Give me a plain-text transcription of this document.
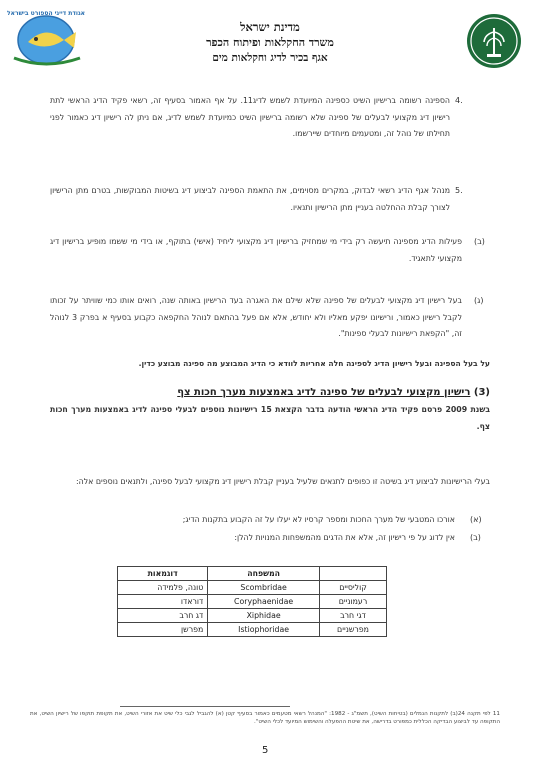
אגודת דייגי הספורט בישראל
מדינת ישראל
משרד החקלאות ופיתוח הכפר
אגף בכיר לדיג וחקלאות מים
.4
הספינה רשומה ברישיון השיט כספינה המיועדת לשמש לדיג11. על אף האמור בסעיף זה, רשאי פקיד הדיג הראשי לתת רישיון דיג מקצועי לבעלים של ספינה שלא רשומה ברישיון השיט כמיועדת לשמש לדיג, אם ניתן לה רישיון דיג כאמור לפני תחילתו של נוהל זה, ומטעמים מיוחדים שיירשמו.
.5
מנהל אגף הדיג רשאי לבדוק, במקרים מסוימים, את התאמת הספינה לביצוע דיג בשיטות המבוקשות, בטרם מתן הרישיון לצורך קבלת ההחלטה בעניין מתן הרישיון ותנאיו.
(ב)
פעילות הדיג מספינה תיעשה רק בידי מי שמחזיק ברישיון דיג מקצועי ליחיד (אישי) בתוקף, או בידי מי ששמו מופיע ברישיון דיג מקצועי לתאגיד.
(ג)
בעל רישיון דיג מקצועי לבעלים של ספינה שלא שילם את האגרה בעד הרישיון באותה שנה, רואים אותו כמי שוויתר על זכותו לקבל רישיון כאמור, ורישיונו יפקע מאליו ולא יחודש, אלא אם פעל בהתאם לנוהל החקפאה כקבוע בסעיף א בפרק 3 לנוהל זה, "הקפאת רישיונות לבעלי ספינות".
על בעל הספינה ובעל רישיון הדיג לספינה חלה אחריות לוודא כי הדיג המבוצע מה ספינה מבוצע כדין.
(3) רישיון מקצועי לבעלים של ספינה לדיג באמצעות מערך חכות צף
בשנת 2009 פרסם פקיד הדיג הראשי הודעה בדבר הקצאת 15 רישיונות נוספים לבעלי ספינה לדיג באמצעות מערך חכות צף.
בעלי הרישיונות לביצוע דיג בשיטה זו כפופים לתנאים שלעיל בעניין קבלת רישיון דיג מקצועי לבעל ספינה, ולתנאים נוספים אלה:
(א)
אורכו המטבעי של מערך החכות ומספר קרסיו לא יעלו על זה הקבוע בתקנות הדיג;
(ב)
אין לדוג על פי רישיון זה, אלא את הדגים מהמשפחות המנויות להלן:
	המשפחה	דוגמאות
קוליסיים	Scombridae	טונה, פלמידה
רעמוניים	Coryphaenidae	דוראדו
דגי חרב	Xiphidae	דג חרב
מפרשניים	Istiophoridae	מפרשן
11 לפי תקנה 24(ב) לתקנות הנמלים (בטיחות השיט), תשמ"ג - 1982: "המנהל רשאי מטעמים כאמור בסעיף קטן (א) להגביל לגבי כלי שיט את אזורי השיט, את תקופת תוקפו של רישיון השיט, את התקופה עד לביצוע הבדיקה הכללית כמפורט בדרישה, את שיטת ההפעלה והשימוש המיועד לכלי השיט".
5
